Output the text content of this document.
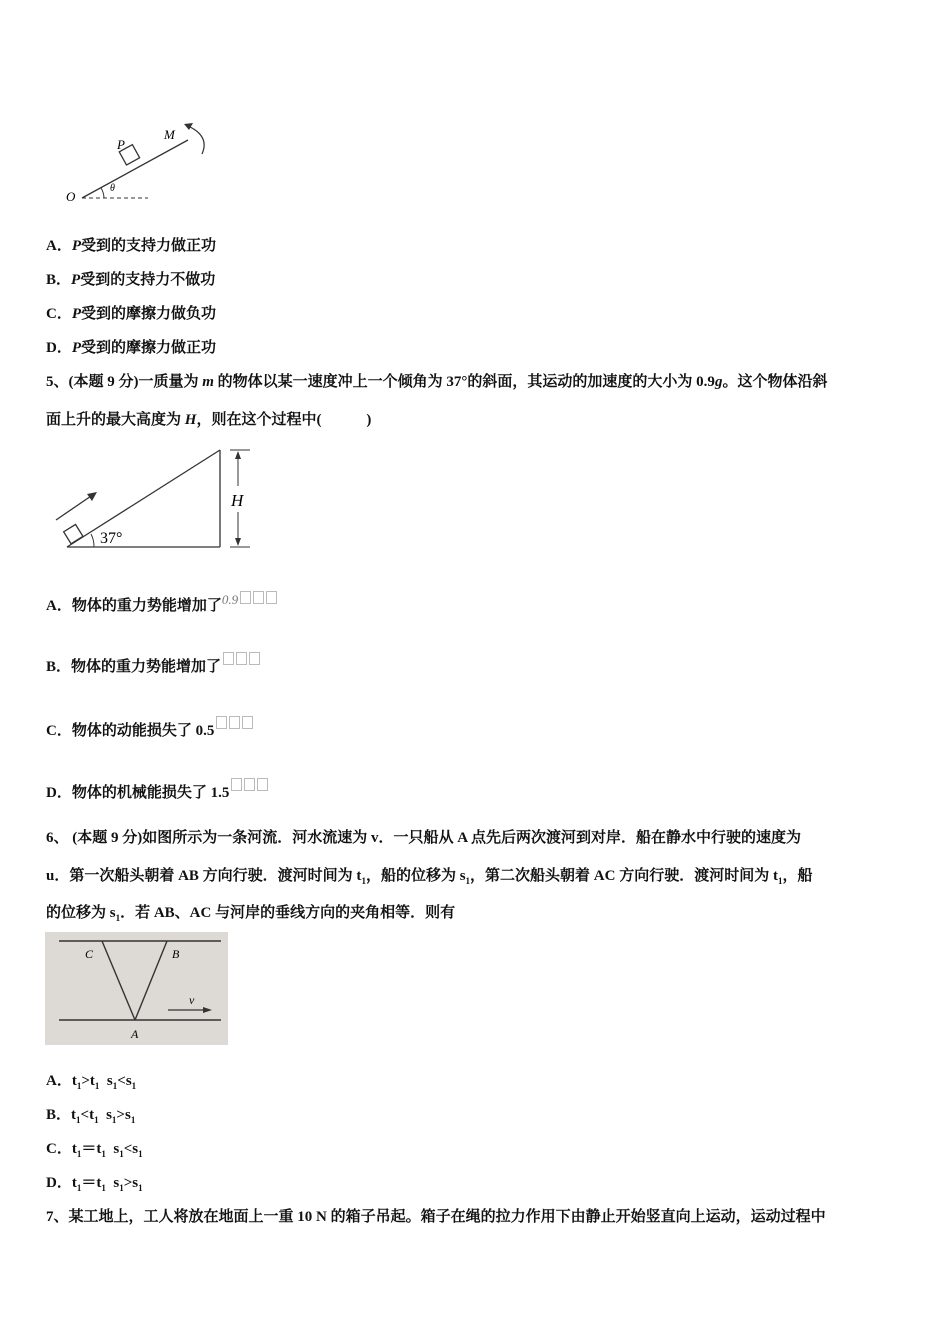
P
M
O
θ
A．P受到的支持力做正功
B．P受到的支持力不做功
C．P受到的摩擦力做负功
D．P受到的摩擦力做正功
5、(本题 9 分)一质量为 m 的物体以某一速度冲上一个倾角为 37°的斜面，其运动的加速度的大小为 0.9g。这个物体沿斜
面上升的最大高度为 H，则在这个过程中(　　　)
H
37°
A．物体的重力势能增加了0.9
B．物体的重力势能增加了
C．物体的动能损失了 0.5
D．物体的机械能损失了 1.5
6、 (本题 9 分)如图所示为一条河流．河水流速为 v．一只船从 A 点先后两次渡河到对岸．船在静水中行驶的速度为
u．第一次船头朝着 AB 方向行驶．渡河时间为 $t_1$，船的位移为 $s_1$，第二次船头朝着 AC 方向行驶．渡河时间为 $t_1$，船
的位移为 $s_1$．若 AB、AC 与河岸的垂线方向的夹角相等．则有
C	B
A
v
A．$t_1>t_1$ $s_1<s_1$
B．$t_1<t_1$ $s_1>s_1$
C．$t_1=t_1$ $s_1<s_1$
D．$t_1=t_1$ $s_1>s_1$
7、某工地上，工人将放在地面上一重 10 N 的箱子吊起。箱子在绳的拉力作用下由静止开始竖直向上运动，运动过程中
